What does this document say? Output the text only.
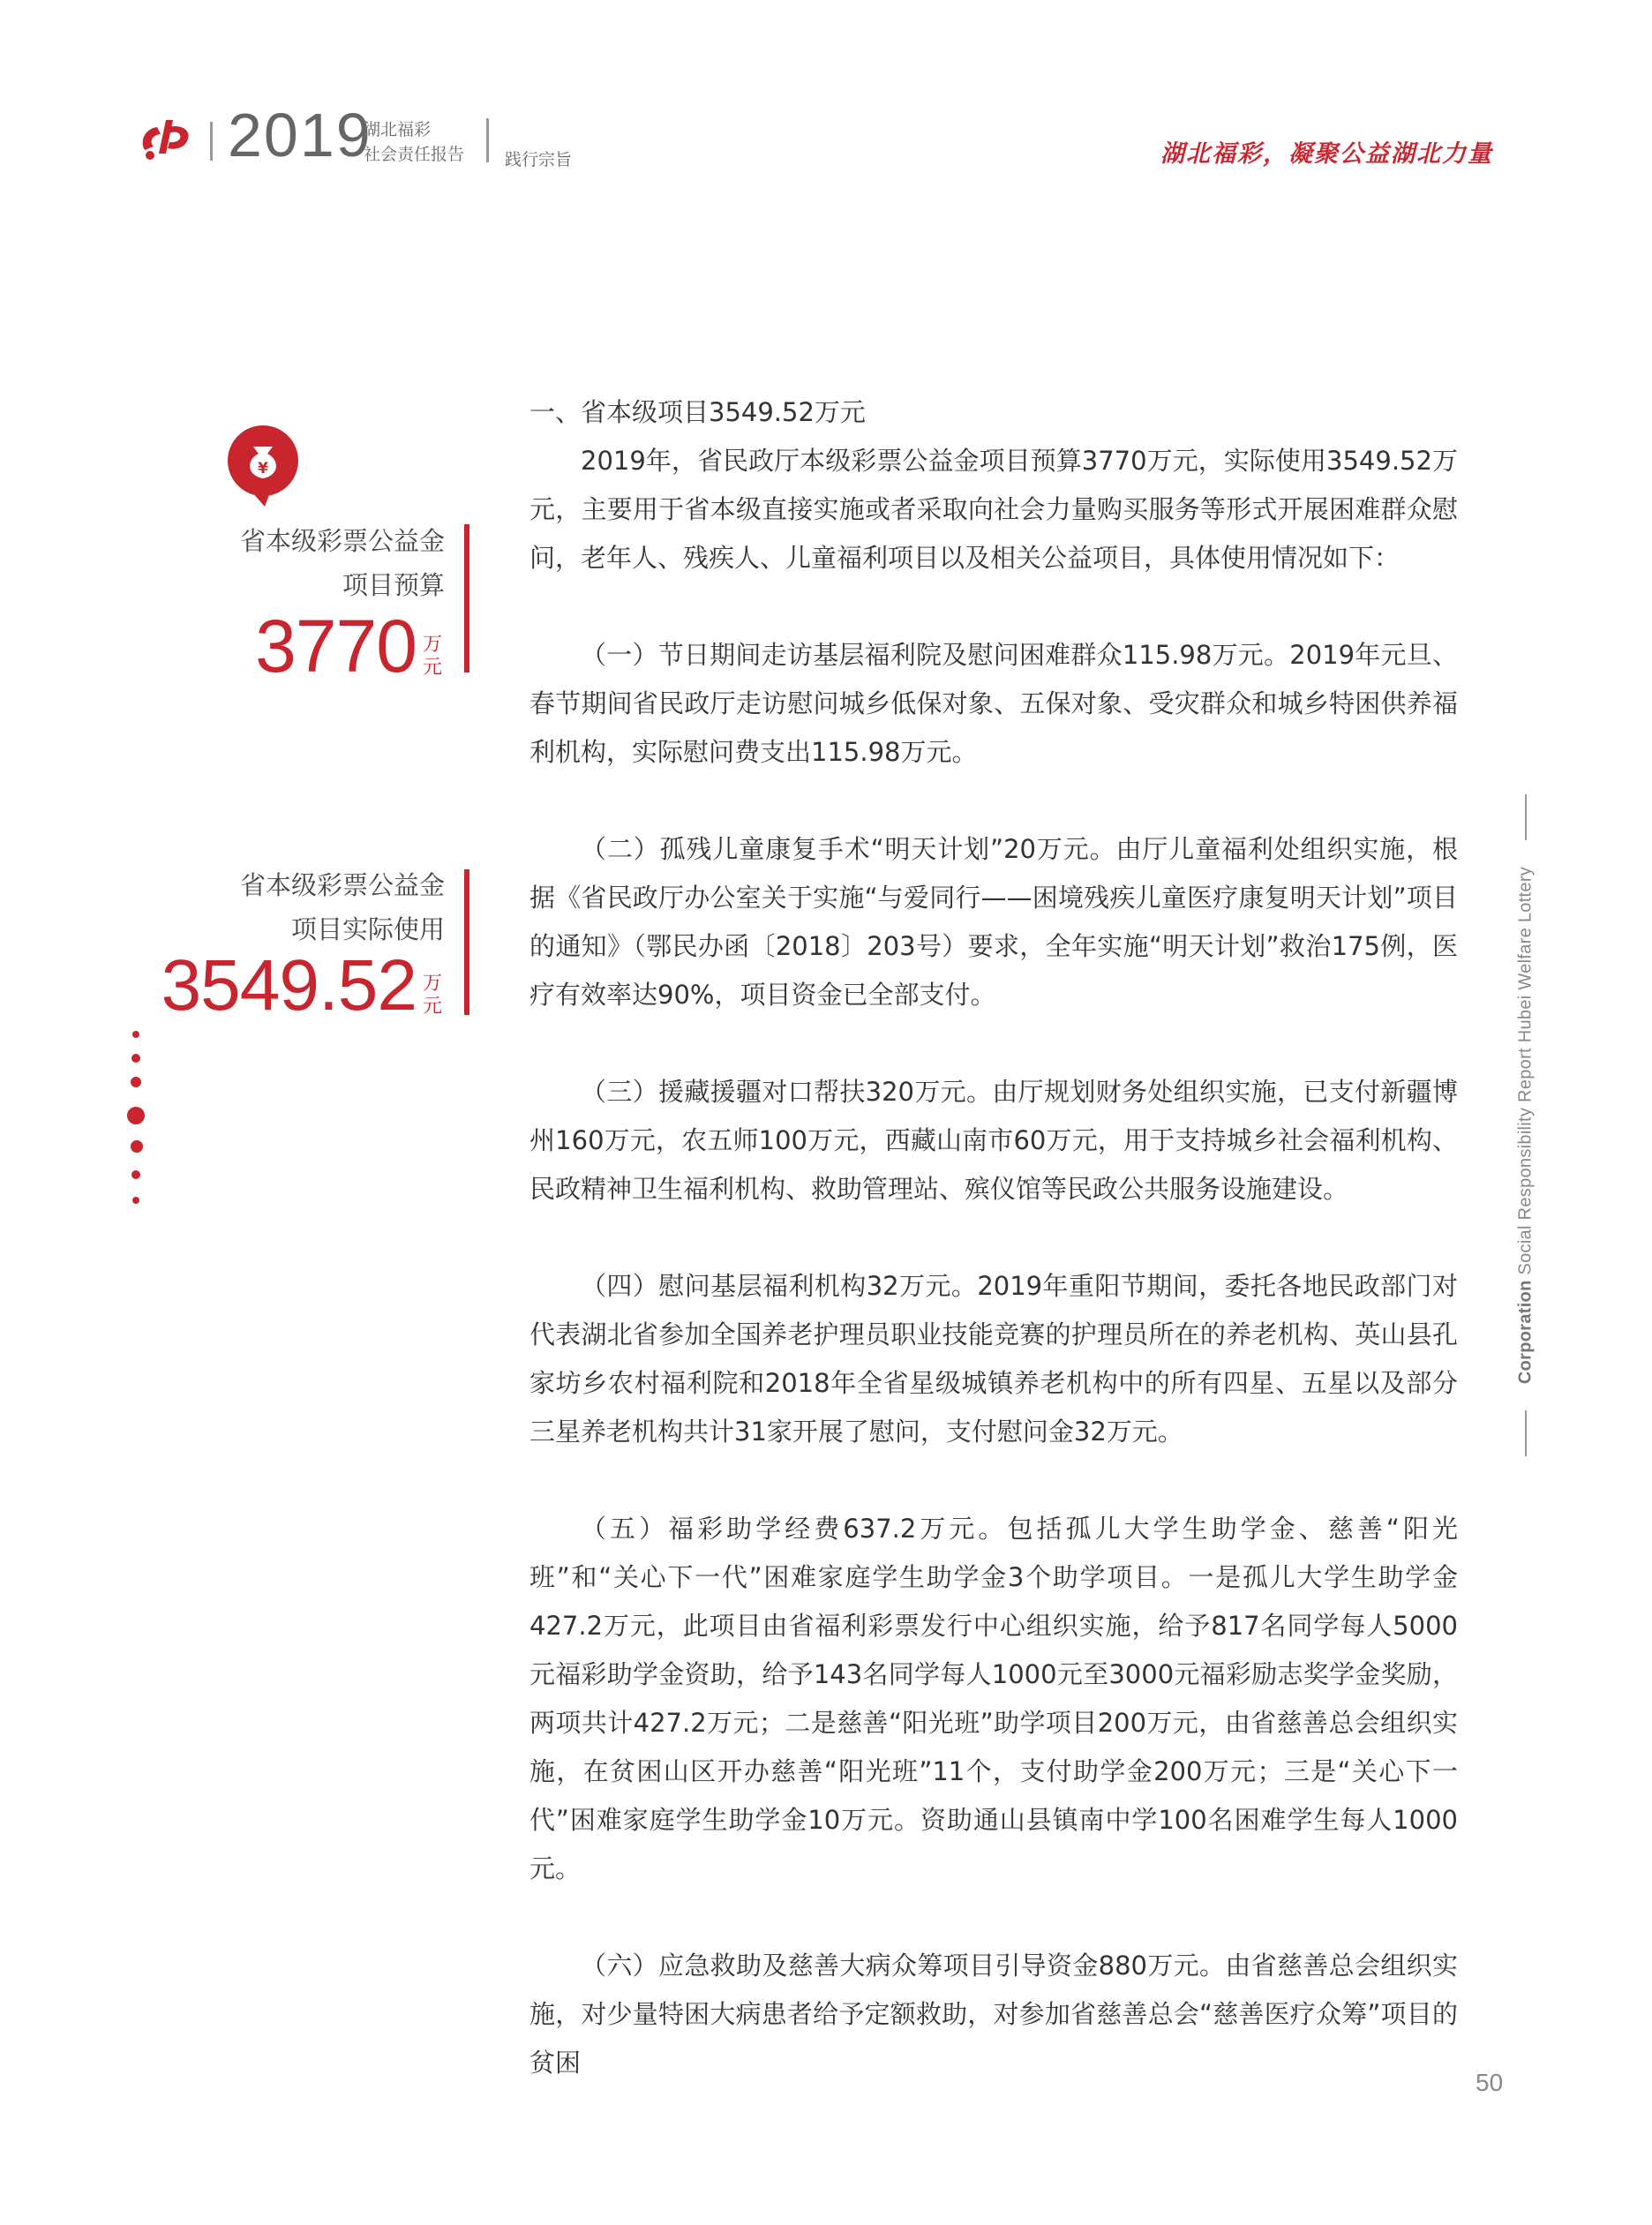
2019
湖北福彩
社会责任报告 践行宗旨	湖北福彩，凝聚公益湖北力量
¥
省本级彩票公益金
项目预算
3770 万
元
省本级彩票公益金
项目实际使用
3549.52 万
元

一、省本级项目3549.52万元

2019年，省民政厅本级彩票公益金项目预算3770万元，实际使用3549.52万元，主要用于省本级直接实施或者采取向社会力量购买服务等形式开展困难群众慰问，老年人、残疾人、儿童福利项目以及相关公益项目，具体使用情况如下：

（一）节日期间走访基层福利院及慰问困难群众115.98万元。2019年元旦、春节期间省民政厅走访慰问城乡低保对象、五保对象、受灾群众和城乡特困供养福利机构，实际慰问费支出115.98万元。

（二）孤残儿童康复手术“明天计划”20万元。由厅儿童福利处组织实施，根据《省民政厅办公室关于实施“与爱同行——困境残疾儿童医疗康复明天计划”项目的通知》（鄂民办函〔2018〕203号）要求，全年实施“明天计划”救治175例，医疗有效率达90%，项目资金已全部支付。

（三）援藏援疆对口帮扶320万元。由厅规划财务处组织实施，已支付新疆博州160万元，农五师100万元，西藏山南市60万元，用于支持城乡社会福利机构、民政精神卫生福利机构、救助管理站、殡仪馆等民政公共服务设施建设。

（四）慰问基层福利机构32万元。2019年重阳节期间，委托各地民政部门对代表湖北省参加全国养老护理员职业技能竞赛的护理员所在的养老机构、英山县孔家坊乡农村福利院和2018年全省星级城镇养老机构中的所有四星、五星以及部分三星养老机构共计31家开展了慰问，支付慰问金32万元。

（五）福彩助学经费637.2万元。包括孤儿大学生助学金、慈善“阳光班”和“关心下一代”困难家庭学生助学金3个助学项目。一是孤儿大学生助学金427.2万元，此项目由省福利彩票发行中心组织实施，给予817名同学每人5000元福彩助学金资助，给予143名同学每人1000元至3000元福彩励志奖学金奖励，两项共计427.2万元；二是慈善“阳光班”助学项目200万元，由省慈善总会组织实施，在贫困山区开办慈善“阳光班”11个，支付助学金200万元；三是“关心下一代”困难家庭学生助学金10万元。资助通山县镇南中学100名困难学生每人1000元。

（六）应急救助及慈善大病众筹项目引导资金880万元。由省慈善总会组织实施，对少量特困大病患者给予定额救助，对参加省慈善总会“慈善医疗众筹”项目的贫困

Corporation Social Responsibility Report Hubei Welfare Lottery
50
